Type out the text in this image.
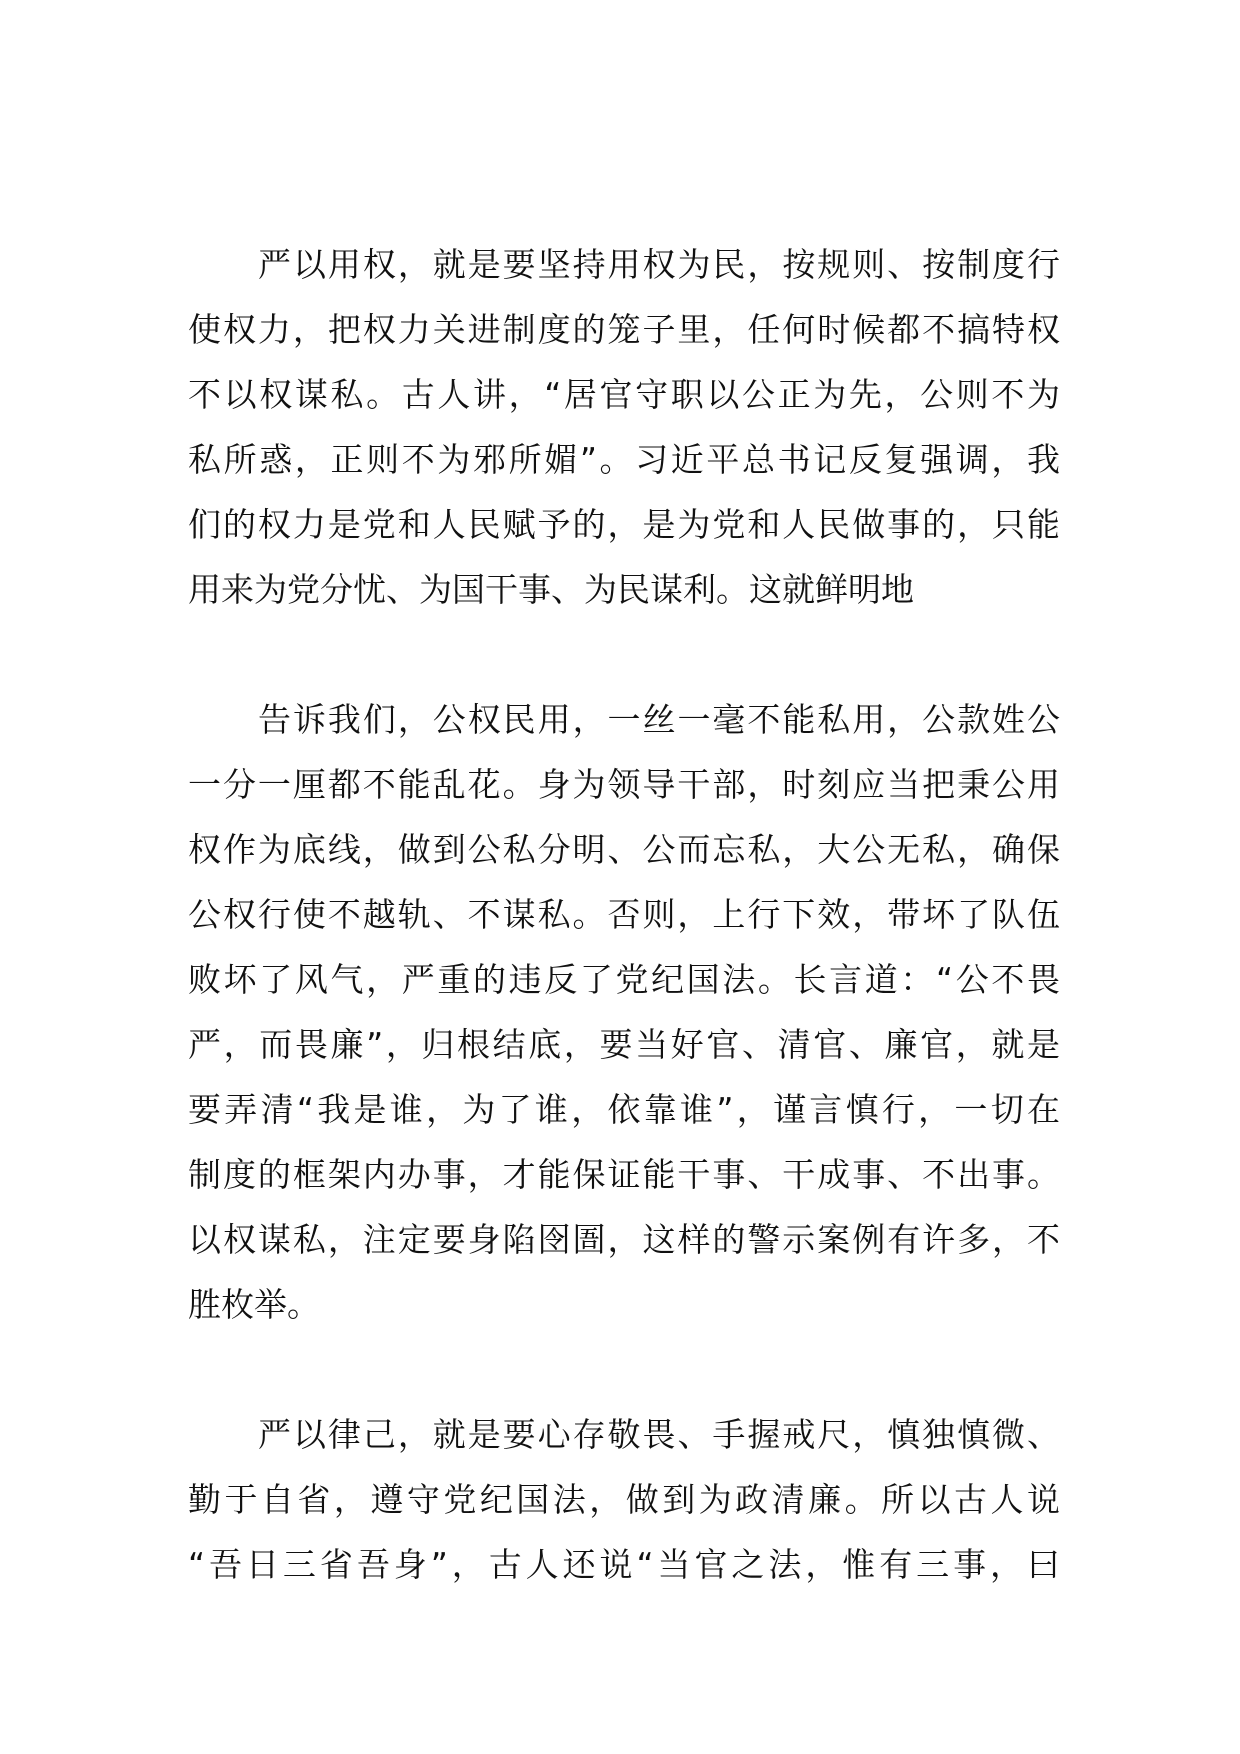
严以用权，就是要坚持用权为民，按规则、按制度行
使权力，把权力关进制度的笼子里，任何时候都不搞特权
不以权谋私。古人讲，“居官守职以公正为先，公则不为
私所惑，正则不为邪所媚”。习近平总书记反复强调，我
们的权力是党和人民赋予的，是为党和人民做事的，只能
用来为党分忧、为国干事、为民谋利。这就鲜明地

告诉我们，公权民用，一丝一毫不能私用，公款姓公
一分一厘都不能乱花。身为领导干部，时刻应当把秉公用
权作为底线，做到公私分明、公而忘私，大公无私，确保
公权行使不越轨、不谋私。否则，上行下效，带坏了队伍
败坏了风气，严重的违反了党纪国法。长言道：“公不畏
严，而畏廉”，归根结底，要当好官、清官、廉官，就是
要弄清“我是谁，为了谁，依靠谁”，谨言慎行，一切在
制度的框架内办事，才能保证能干事、干成事、不出事。
以权谋私，注定要身陷囹圄，这样的警示案例有许多，不
胜枚举。

严以律己，就是要心存敬畏、手握戒尺，慎独慎微、
勤于自省，遵守党纪国法，做到为政清廉。所以古人说
“吾日三省吾身”，古人还说“当官之法，惟有三事，曰
